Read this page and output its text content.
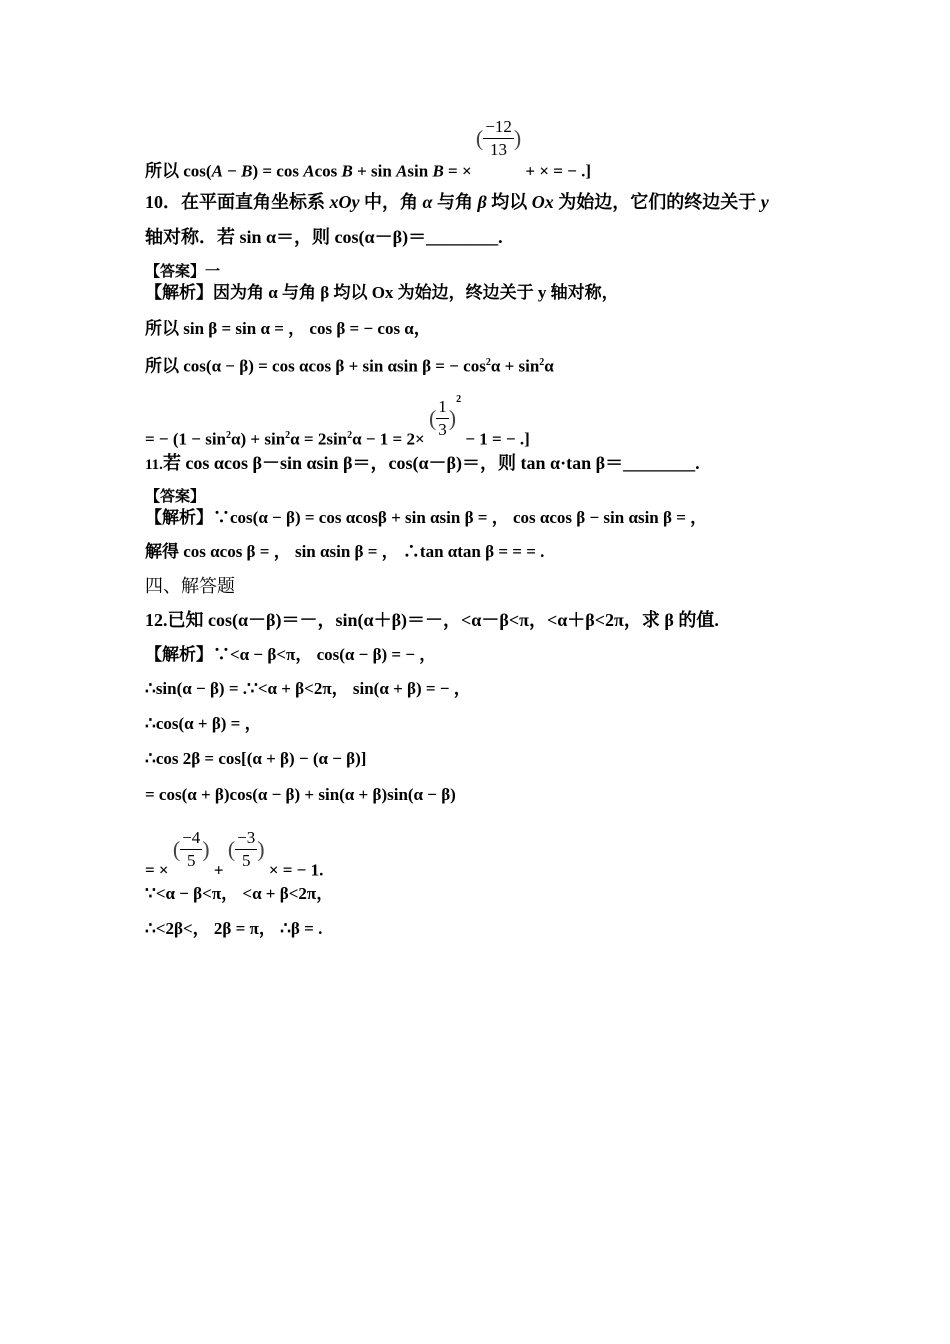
所以 cos(A − B) = cos Acos B + sin Asin B = × ( $\frac{-12}{13}$ ) + × = − .]
10．在平面直角坐标系 xOy 中，角 α 与角 β 均以 Ox 为始边，它们的终边关于 y
轴对称．若 sin α＝，则 cos(α－β)＝________.
【答案】一
【解析】因为角 α 与角 β 均以 Ox 为始边，终边关于 y 轴对称，
所以 sin β = sin α = ， cos β = − cos α，
所以 cos(α − β) = cos αcos β + sin αsin β = − $\cos^2\alpha + \sin^2\alpha$
= − $(1 - \sin^2\alpha) + \sin^2\alpha = 2\sin^2\alpha - 1 = 2\times$ ( $\frac{1}{3} )^2 - 1$ = − .]
11.若 cos αcos β－sin αsin β＝，cos(α－β)＝，则 tan α·tan β＝________.
【答案】
【解析】∵cos(α − β) = cos αcosβ + sin αsin β = ， cos αcos β − sin αsin β = ，
解得 cos αcos β = ， sin αsin β = ， ∴tan αtan β = = = .
四、解答题
12.已知 cos(α－β)＝－，sin(α＋β)＝－，<α－β<π，<α＋β<2π，求 β 的值.
【解析】∵<α − β<π， cos(α − β) = − ，
∴sin(α − β) = .∵<α + β<2π， sin(α + β) = − ，
∴cos(α + β) = ，
∴cos 2β = cos[(α + β) − (α − β)]
= cos(α + β)cos(α − β) + sin(α + β)sin(α − β)
= × ( $\frac{-4}{5}$ ) + ( $\frac{-3}{5}$ ) × = − 1.
∵<α − β<π， <α + β<2π，
∴<2β<， 2β = π， ∴β = .
